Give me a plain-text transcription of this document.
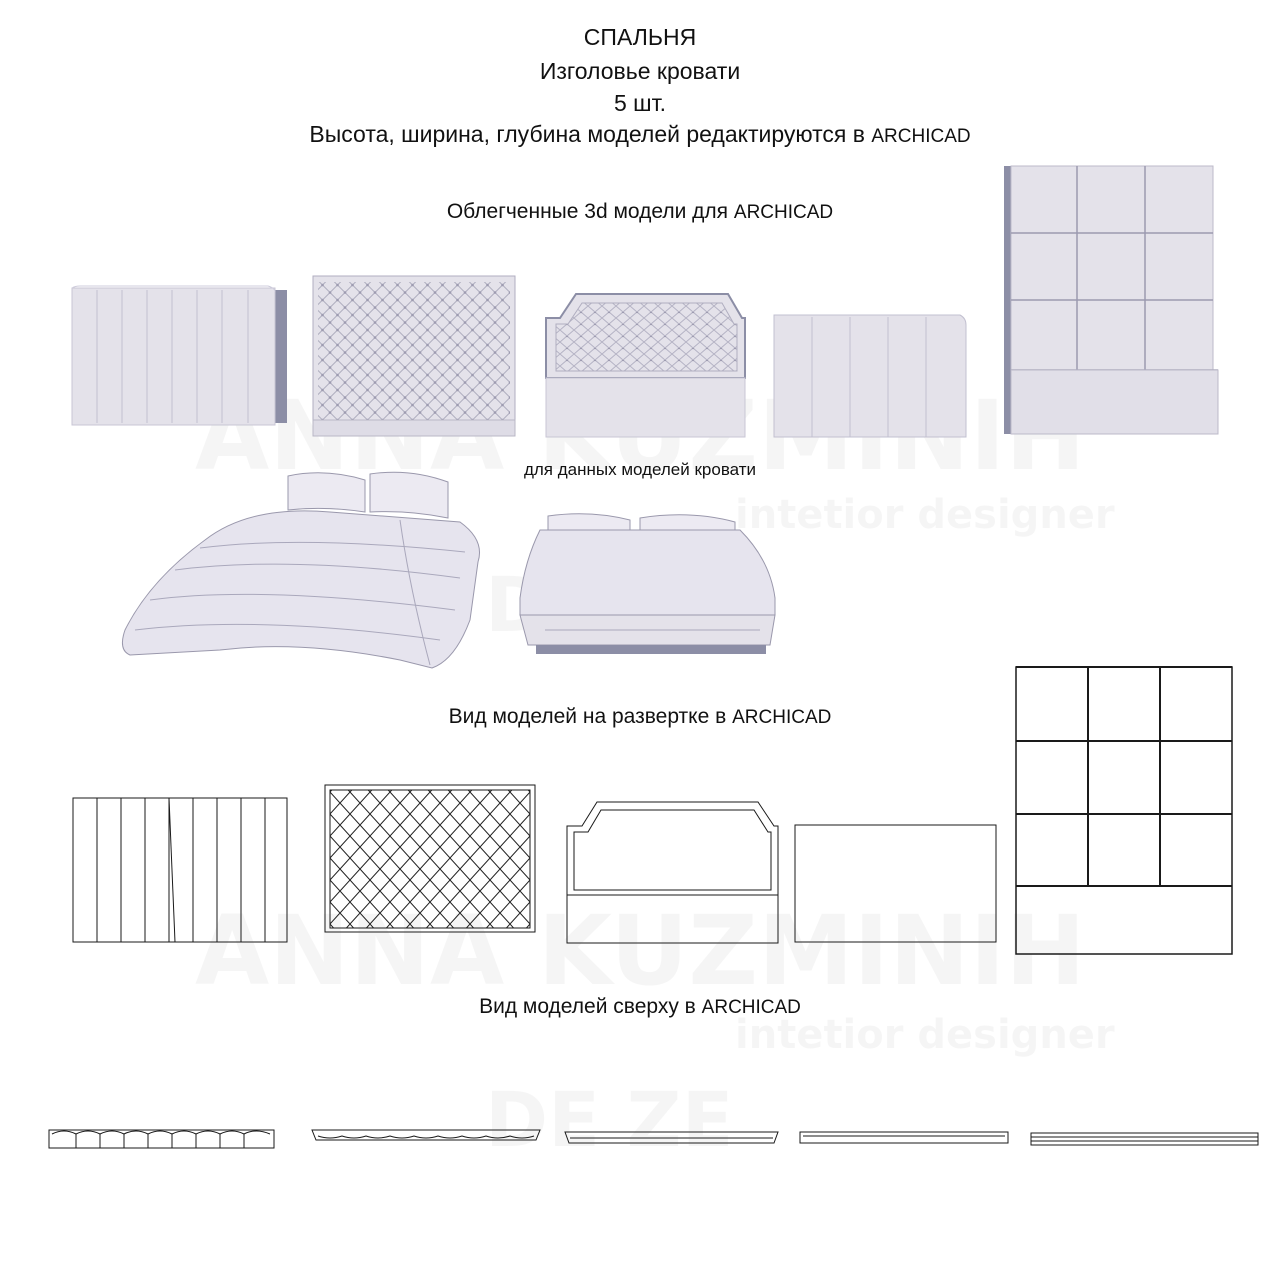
СПАЛЬНЯ
Изголовье кровати
5 шт.
Высота, ширина, глубина моделей редактируются в ARCHICAD
Облегченные 3d модели для ARCHICAD
для данных моделей кровати
Вид моделей на развертке в ARCHICAD
Вид моделей сверху в ARCHICAD
